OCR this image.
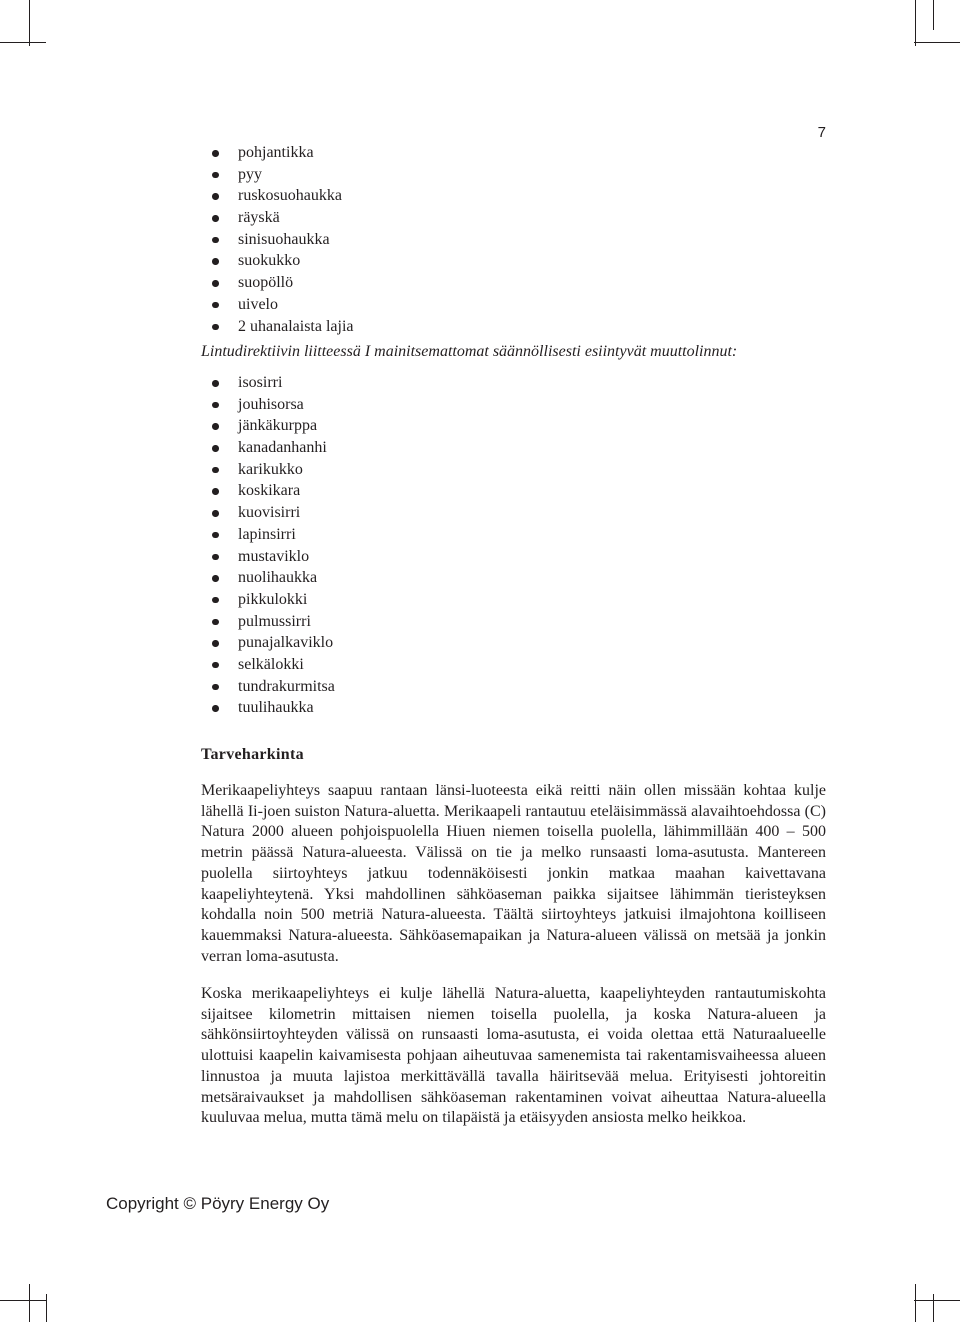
7
pohjantikka
pyy
ruskosuohaukka
räyskä
sinisuohaukka
suokukko
suopöllö
uivelo
2 uhanalaista lajia

Lintudirektiivin liitteessä I mainitsemattomat säännöllisesti esiintyvät muuttolinnut:

isosirri
jouhisorsa
jänkäkurppa
kanadanhanhi
karikukko
koskikara
kuovisirri
lapinsirri
mustaviklo
nuolihaukka
pikkulokki
pulmussirri
punajalkaviklo
selkälokki
tundrakurmitsa
tuulihaukka
Tarveharkinta

Merikaapeliyhteys saapuu rantaan länsi-luoteesta eikä reitti näin ollen missään kohtaa kulje lähellä Ii-joen suiston Natura-aluetta. Merikaapeli rantautuu eteläisimmässä alavaihtoehdossa (C) Natura 2000 alueen pohjoispuolella Hiuen niemen toisella puolella, lähimmillään 400 – 500 metrin päässä Natura-alueesta. Välissä on tie ja melko runsaasti loma-asutusta. Mantereen puolella siirtoyhteys jatkuu todennäköisesti jonkin matkaa maahan kaivettavana kaapeliyhteytenä. Yksi mahdollinen sähköaseman paikka sijaitsee lähimmän tieristeyksen kohdalla noin 500 metriä Natura-alueesta. Täältä siirtoyhteys jatkuisi ilmajohtona koilliseen kauemmaksi Natura-alueesta. Sähköasemapaikan ja Natura-alueen välissä on metsää ja jonkin verran loma-asutusta.

Koska merikaapeliyhteys ei kulje lähellä Natura-aluetta, kaapeliyhteyden rantautumiskohta sijaitsee kilometrin mittaisen niemen toisella puolella, ja koska Natura-alueen ja sähkönsiirtoyhteyden välissä on runsaasti loma-asutusta, ei voida olettaa että Naturaalueelle ulottuisi kaapelin kaivamisesta pohjaan aiheutuvaa samenemista tai rakentamisvaiheessa alueen linnustoa ja muuta lajistoa merkittävällä tavalla häiritsevää melua. Erityisesti johtoreitin metsäraivaukset ja mahdollisen sähköaseman rakentaminen voivat aiheuttaa Natura-alueella kuuluvaa melua, mutta tämä melu on tilapäistä ja etäisyyden ansiosta melko heikkoa.

Copyright © Pöyry Energy Oy
